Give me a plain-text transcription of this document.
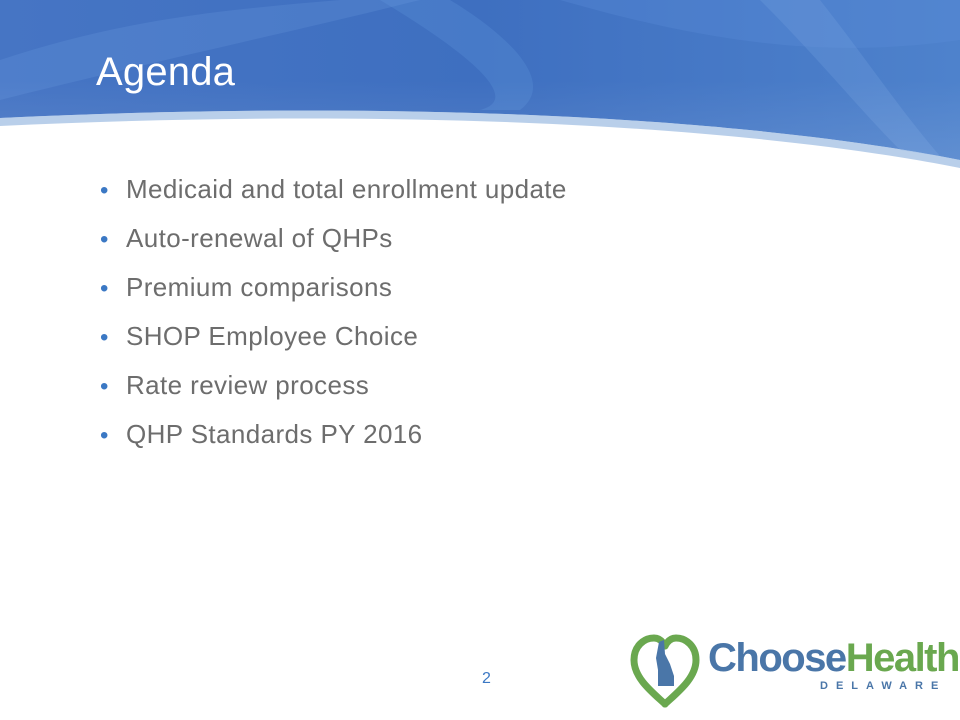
Agenda
• Medicaid and total enrollment update
• Auto-renewal of QHPs
• Premium comparisons
• SHOP Employee Choice
• Rate review process
• QHP Standards PY 2016
2	ChooseHealth
DELAWARE
